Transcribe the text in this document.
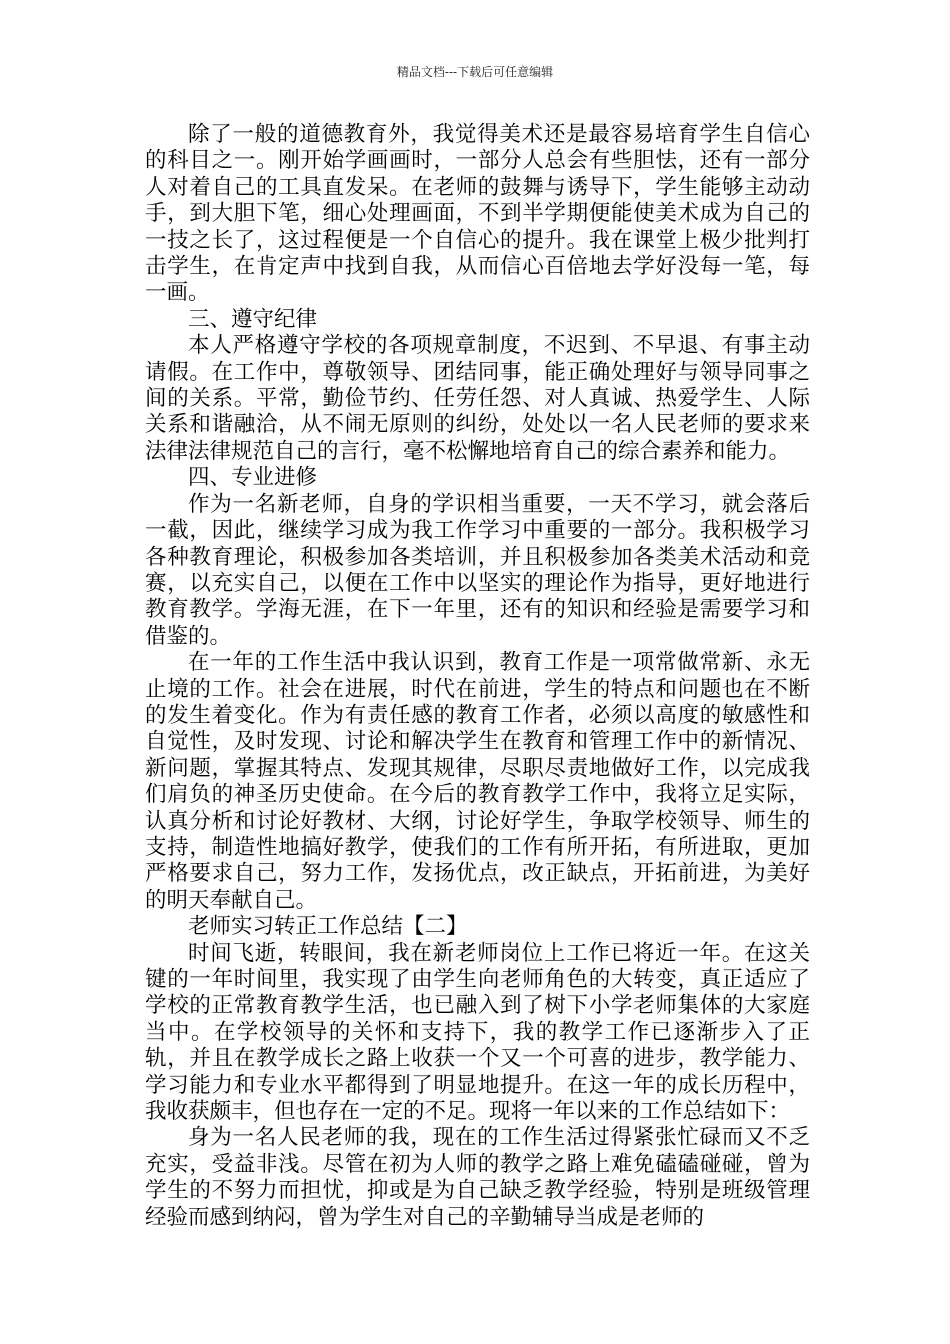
精品文档---下载后可任意编辑

除了一般的道德教育外，我觉得美术还是最容易培育学生自信心的科目之一。刚开始学画画时，一部分人总会有些胆怯，还有一部分人对着自己的工具直发呆。在老师的鼓舞与诱导下，学生能够主动动手，到大胆下笔，细心处理画面，不到半学期便能使美术成为自己的一技之长了，这过程便是一个自信心的提升。我在课堂上极少批判打击学生，在肯定声中找到自我，从而信心百倍地去学好没每一笔，每一画。

三、遵守纪律

本人严格遵守学校的各项规章制度，不迟到、不早退、有事主动请假。在工作中，尊敬领导、团结同事，能正确处理好与领导同事之间的关系。平常，勤俭节约、任劳任怨、对人真诚、热爱学生、人际关系和谐融洽，从不闹无原则的纠纷，处处以一名人民老师的要求来法律法律规范自己的言行，毫不松懈地培育自己的综合素养和能力。

四、专业进修

作为一名新老师，自身的学识相当重要，一天不学习，就会落后一截，因此，继续学习成为我工作学习中重要的一部分。我积极学习各种教育理论，积极参加各类培训，并且积极参加各类美术活动和竞赛，以充实自己，以便在工作中以坚实的理论作为指导，更好地进行教育教学。学海无涯，在下一年里，还有的知识和经验是需要学习和借鉴的。

在一年的工作生活中我认识到，教育工作是一项常做常新、永无止境的工作。社会在进展，时代在前进，学生的特点和问题也在不断的发生着变化。作为有责任感的教育工作者，必须以高度的敏感性和自觉性，及时发现、讨论和解决学生在教育和管理工作中的新情况、新问题，掌握其特点、发现其规律，尽职尽责地做好工作，以完成我们肩负的神圣历史使命。在今后的教育教学工作中，我将立足实际，认真分析和讨论好教材、大纲，讨论好学生，争取学校领导、师生的支持，制造性地搞好教学，使我们的工作有所开拓，有所进取，更加严格要求自己，努力工作，发扬优点，改正缺点，开拓前进，为美好的明天奉献自己。

老师实习转正工作总结【二】

时间飞逝，转眼间，我在新老师岗位上工作已将近一年。在这关键的一年时间里，我实现了由学生向老师角色的大转变，真正适应了学校的正常教育教学生活，也已融入到了树下小学老师集体的大家庭当中。在学校领导的关怀和支持下，我的教学工作已逐渐步入了正轨，并且在教学成长之路上收获一个又一个可喜的进步，教学能力、学习能力和专业水平都得到了明显地提升。在这一年的成长历程中，我收获颇丰，但也存在一定的不足。现将一年以来的工作总结如下：

身为一名人民老师的我，现在的工作生活过得紧张忙碌而又不乏充实，受益非浅。尽管在初为人师的教学之路上难免磕磕碰碰，曾为学生的不努力而担忧，抑或是为自己缺乏教学经验，特别是班级管理经验而感到纳闷，曾为学生对自己的辛勤辅导当成是老师的
